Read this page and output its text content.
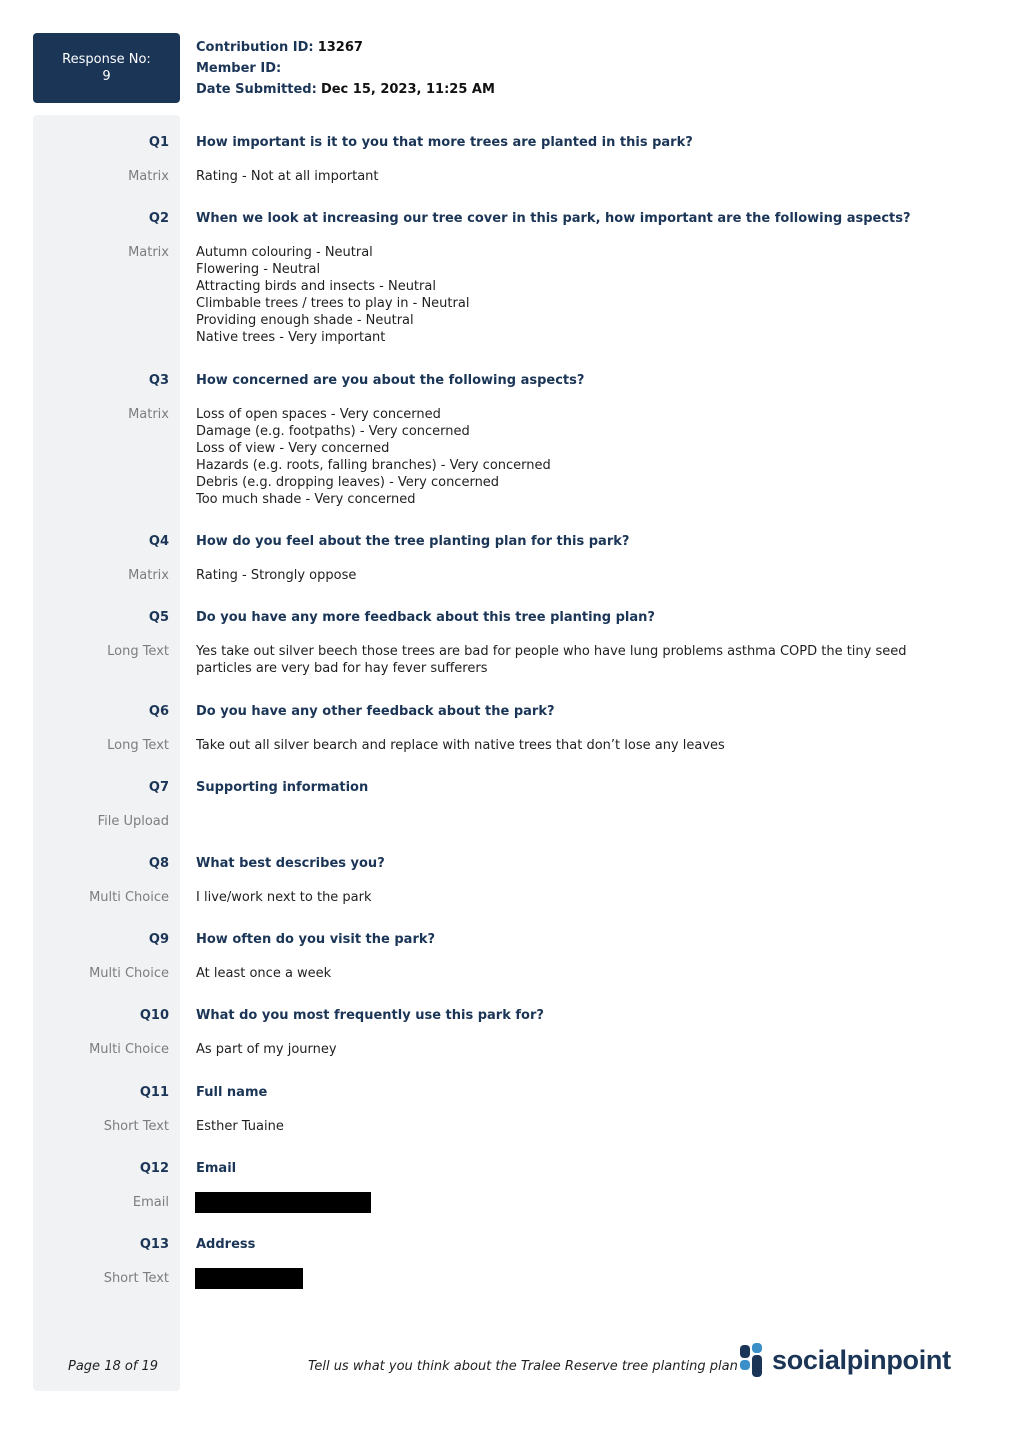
Response No:
9
Contribution ID: 13267
Member ID:
Date Submitted: Dec 15, 2023, 11:25 AM
Q1 How important is it to you that more trees are planted in this park?
Matrix Rating - Not at all important
Q2 When we look at increasing our tree cover in this park, how important are the following aspects?
Matrix Autumn colouring - Neutral
Flowering - Neutral
Attracting birds and insects - Neutral
Climbable trees / trees to play in - Neutral
Providing enough shade - Neutral
Native trees - Very important
Q3 How concerned are you about the following aspects?
Matrix Loss of open spaces - Very concerned
Damage (e.g. footpaths) - Very concerned
Loss of view - Very concerned
Hazards (e.g. roots, falling branches) - Very concerned
Debris (e.g. dropping leaves) - Very concerned
Too much shade - Very concerned
Q4 How do you feel about the tree planting plan for this park?
Matrix Rating - Strongly oppose
Q5 Do you have any more feedback about this tree planting plan?
Long Text Yes take out silver beech those trees are bad for people who have lung problems asthma COPD the tiny seed particles are very bad for hay fever sufferers
Q6 Do you have any other feedback about the park?
Long Text Take out all silver bearch and replace with native trees that don’t lose any leaves
Q7 Supporting information
File Upload
Q8 What best describes you?
Multi Choice I live/work next to the park
Q9 How often do you visit the park?
Multi Choice At least once a week
Q10 What do you most frequently use this park for?
Multi Choice As part of my journey
Q11 Full name
Short Text Esther Tuaine
Q12 Email
Email
Q13 Address
Short Text
Page 18 of 19	Tell us what you think about the Tralee Reserve tree planting plan socialpinpoint
